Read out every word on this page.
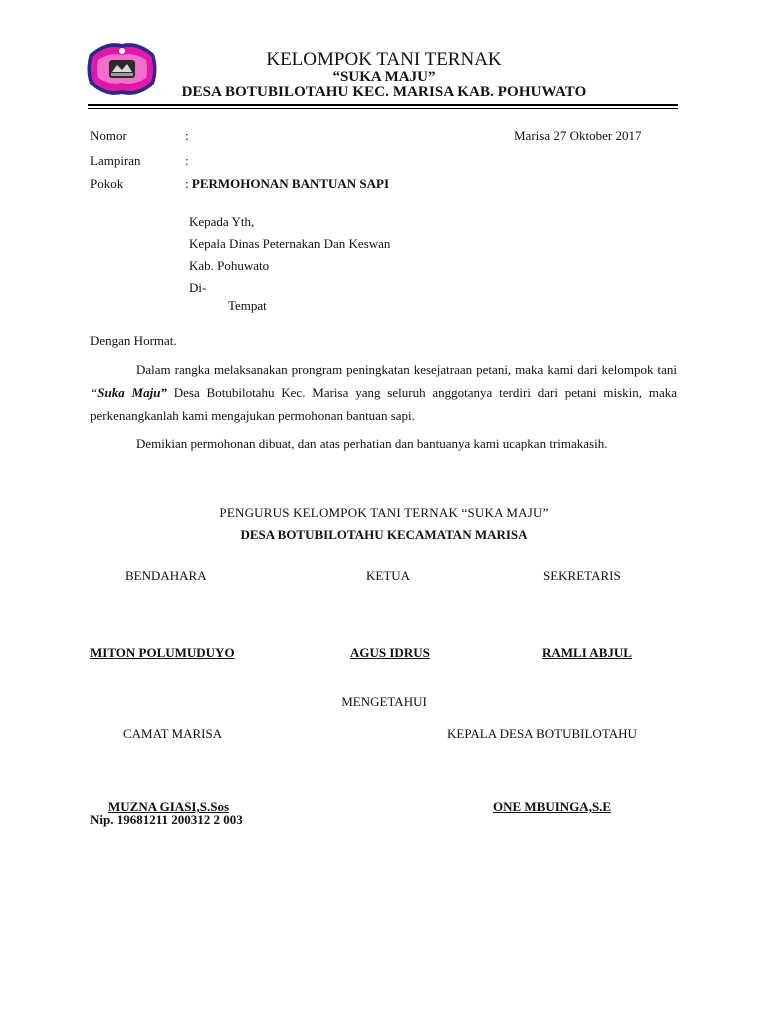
KELOMPOK TANI TERNAK
“SUKA MAJU”
DESA BOTUBILOTAHU KEC. MARISA KAB. POHUWATO
Nomor	:	Marisa 27 Oktober 2017
Lampiran	:
Pokok	: PERMOHONAN BANTUAN SAPI
Kepada Yth,
Kepala Dinas Peternakan Dan Keswan
Kab. Pohuwato
Di-
Tempat
Dengan Hormat.
Dalam rangka melaksanakan prongram peningkatan kesejatraan petani, maka kami dari kelompok tani “Suka Maju” Desa Botubilotahu Kec. Marisa yang seluruh anggotanya terdiri dari petani miskin, maka perkenangkanlah kami mengajukan permohonan bantuan sapi.
Demikian permohonan dibuat, dan atas perhatian dan bantuanya kami ucapkan trimakasih.
PENGURUS KELOMPOK TANI TERNAK “SUKA MAJU”
DESA BOTUBILOTAHU KECAMATAN MARISA
BENDAHARA	KETUA	SEKRETARIS
MITON POLUMUDUYO	AGUS IDRUS	RAMLI ABJUL
MENGETAHUI
CAMAT MARISA	KEPALA DESA BOTUBILOTAHU
MUZNA GIASI,S.Sos
Nip. 19681211 200312 2 003
ONE MBUINGA,S.E
